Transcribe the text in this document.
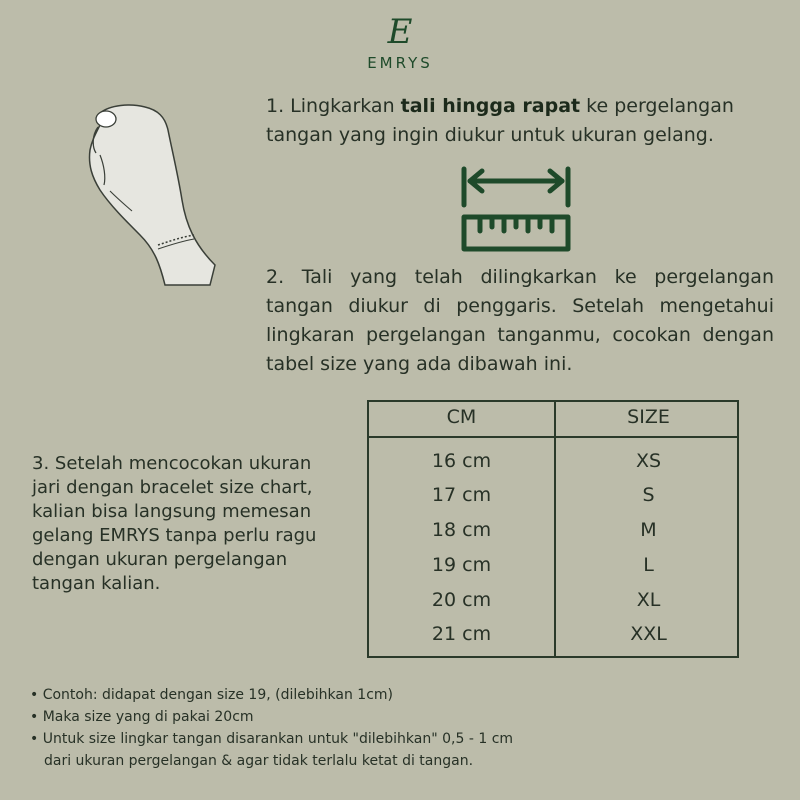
E
EMRYS
1. Lingkarkan tali hingga rapat ke pergelangan tangan yang ingin diukur untuk ukuran gelang.
2. Tali yang telah dilingkarkan ke pergelangan tangan diukur di penggaris. Setelah mengetahui lingkaran pergelangan tanganmu, cocokan dengan tabel size yang ada dibawah ini.
3. Setelah mencocokan ukuran jari dengan bracelet size chart, kalian bisa langsung memesan gelang EMRYS tanpa perlu ragu dengan ukuran pergelangan tangan kalian.
CM	SIZE
16 cm	XS
17 cm	S
18 cm	M
19 cm	L
20 cm	XL
21 cm	XXL
• Contoh: didapat dengan size 19, (dilebihkan 1cm)
• Maka size yang di pakai 20cm
• Untuk size lingkar tangan disarankan untuk "dilebihkan" 0,5 - 1 cm
dari ukuran pergelangan & agar tidak terlalu ketat di tangan.
